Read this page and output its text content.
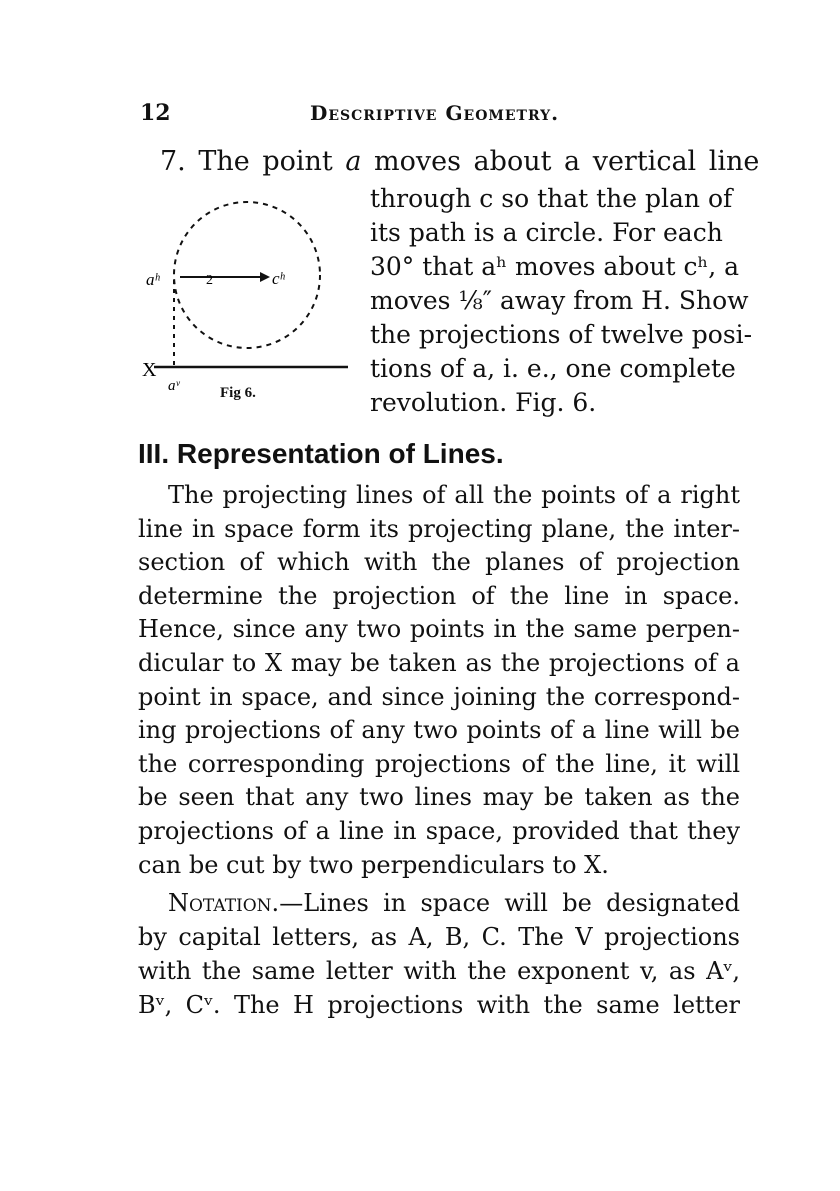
12	Descriptive Geometry.
7. The point a moves about a vertical line
through c so that the plan of
its path is a circle. For each
30° that aʰ moves about cʰ, a
moves ⅛″ away from H. Show
the projections of twelve posi-
tions of a, i. e., one complete
revolution. Fig. 6.
aʰ	2	cʰ
X
aᵛ	Fig 6.
III. Representation of Lines.
The projecting lines of all the points of a right
line in space form its projecting plane, the inter-
section of which with the planes of projection
determine the projection of the line in space.
Hence, since any two points in the same perpen-
dicular to X may be taken as the projections of a
point in space, and since joining the correspond-
ing projections of any two points of a line will be
the corresponding projections of the line, it will
be seen that any two lines may be taken as the
projections of a line in space, provided that they
can be cut by two perpendiculars to X.
Notation.—Lines in space will be designated
by capital letters, as A, B, C. The V projections
with the same letter with the exponent v, as Aᵛ,
Bᵛ, Cᵛ. The H projections with the same letter
